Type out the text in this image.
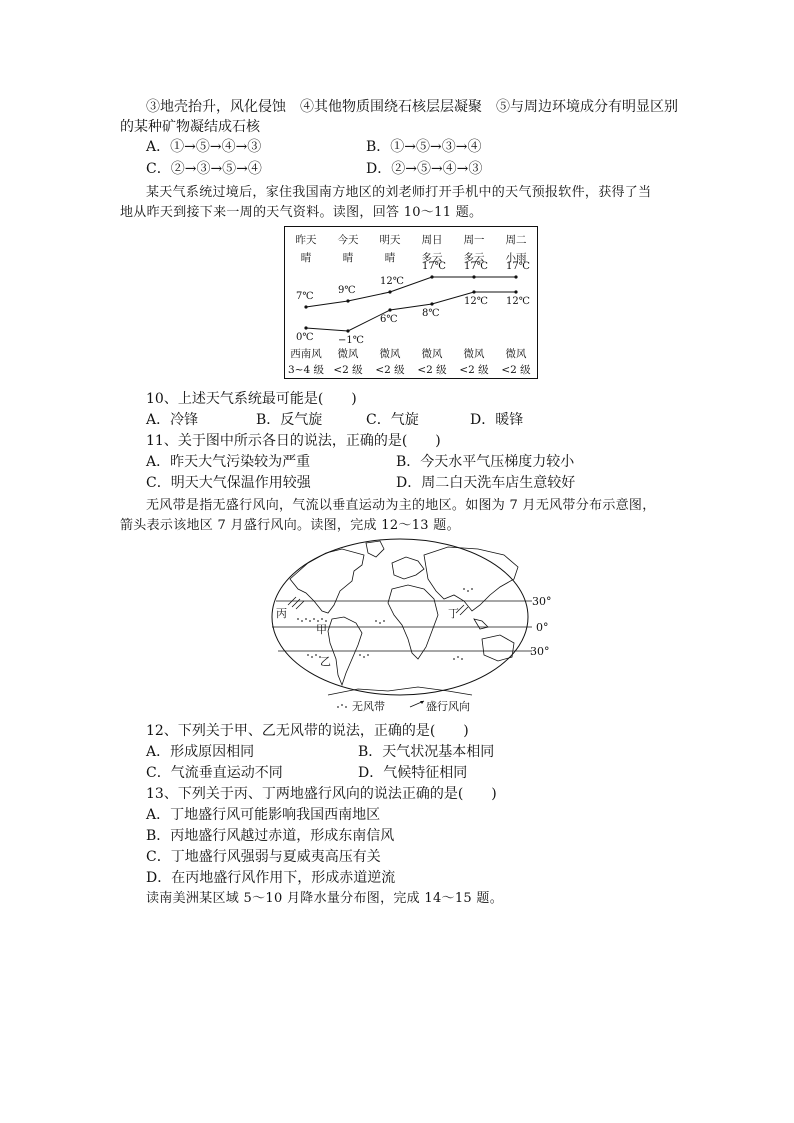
③地壳抬升，风化侵蚀　④其他物质围绕石核层层凝聚　⑤与周边环境成分有明显区别
的某种矿物凝结成石核
A．①→⑤→④→③	B．①→⑤→③→④
C．②→③→⑤→④	D．②→⑤→④→③
某天气系统过境后，家住我国南方地区的刘老师打开手机中的天气预报软件，获得了当
地从昨天到接下来一周的天气资料。读图，回答 10～11 题。
昨天	今天	明天	周日	周一	周二
晴	晴	晴	多云	多云	小雨
西南风	微风	微风	微风	微风	微风
3~4 级 <2 级	<2 级	<2 级	<2 级	<2 级
7℃
9℃
12℃
17℃ 17℃ 17℃
0℃ −1℃
6℃
8℃
12℃ 12℃
10、上述天气系统最可能是(　　)
A．冷锋	B．反气旋	C．气旋	D．暖锋
11、关于图中所示各日的说法，正确的是(　　)
A．昨天大气污染较为严重	B．今天水平气压梯度力较小
C．明天大气保温作用较强	D．周二白天洗车店生意较好
无风带是指无盛行风向，气流以垂直运动为主的地区。如图为 7 月无风带分布示意图，
箭头表示该地区 7 月盛行风向。读图，完成 12～13 题。
30°
0°
30°
丙
甲
乙
丁
无风带	盛行风向
12、下列关于甲、乙无风带的说法，正确的是(　　)
A．形成原因相同	B．天气状况基本相同
C．气流垂直运动不同	D．气候特征相同
13、下列关于丙、丁两地盛行风向的说法正确的是(　　)
A．丁地盛行风可能影响我国西南地区
B．丙地盛行风越过赤道，形成东南信风
C．丁地盛行风强弱与夏威夷高压有关
D．在丙地盛行风作用下，形成赤道逆流
读南美洲某区域 5～10 月降水量分布图，完成 14～15 题。
